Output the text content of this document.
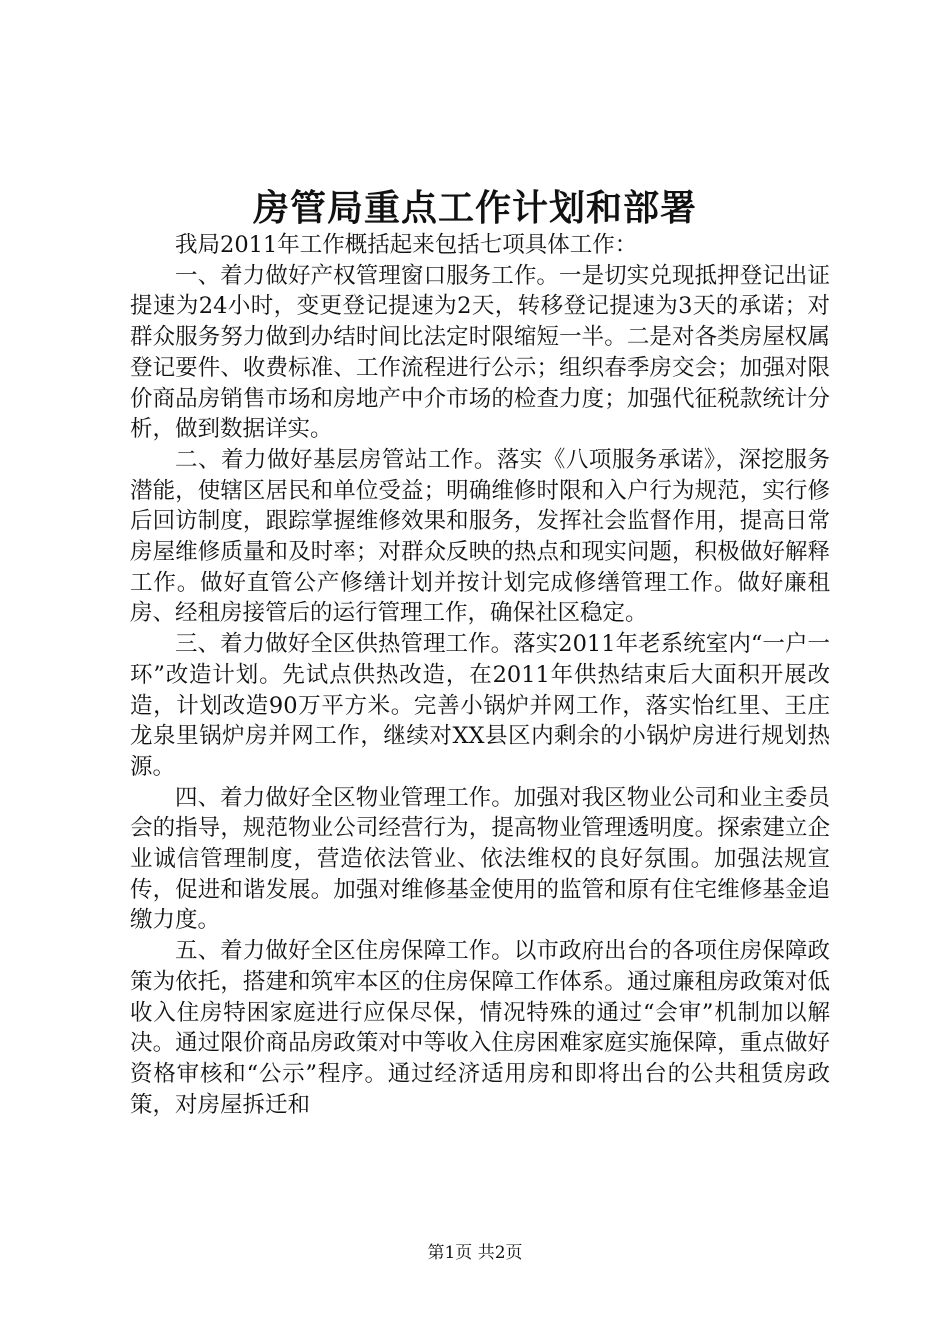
房管局重点工作计划和部署

我局2011年工作概括起来包括七项具体工作：

一、着力做好产权管理窗口服务工作。一是切实兑现抵押登记出证提速为24小时，变更登记提速为2天，转移登记提速为3天的承诺；对群众服务努力做到办结时间比法定时限缩短一半。二是对各类房屋权属登记要件、收费标准、工作流程进行公示；组织春季房交会；加强对限价商品房销售市场和房地产中介市场的检查力度；加强代征税款统计分析，做到数据详实。

二、着力做好基层房管站工作。落实《八项服务承诺》，深挖服务潜能，使辖区居民和单位受益；明确维修时限和入户行为规范，实行修后回访制度，跟踪掌握维修效果和服务，发挥社会监督作用，提高日常房屋维修质量和及时率；对群众反映的热点和现实问题，积极做好解释工作。做好直管公产修缮计划并按计划完成修缮管理工作。做好廉租房、经租房接管后的运行管理工作，确保社区稳定。

三、着力做好全区供热管理工作。落实2011年老系统室内“一户一环”改造计划。先试点供热改造，在2011年供热结束后大面积开展改造，计划改造90万平方米。完善小锅炉并网工作，落实怡红里、王庄龙泉里锅炉房并网工作，继续对XX县区内剩余的小锅炉房进行规划热源。

四、着力做好全区物业管理工作。加强对我区物业公司和业主委员会的指导，规范物业公司经营行为，提高物业管理透明度。探索建立企业诚信管理制度，营造依法管业、依法维权的良好氛围。加强法规宣传，促进和谐发展。加强对维修基金使用的监管和原有住宅维修基金追缴力度。

五、着力做好全区住房保障工作。以市政府出台的各项住房保障政策为依托，搭建和筑牢本区的住房保障工作体系。通过廉租房政策对低收入住房特困家庭进行应保尽保，情况特殊的通过“会审”机制加以解决。通过限价商品房政策对中等收入住房困难家庭实施保障，重点做好资格审核和“公示”程序。通过经济适用房和即将出台的公共租赁房政策，对房屋拆迁和

第1页 共2页
